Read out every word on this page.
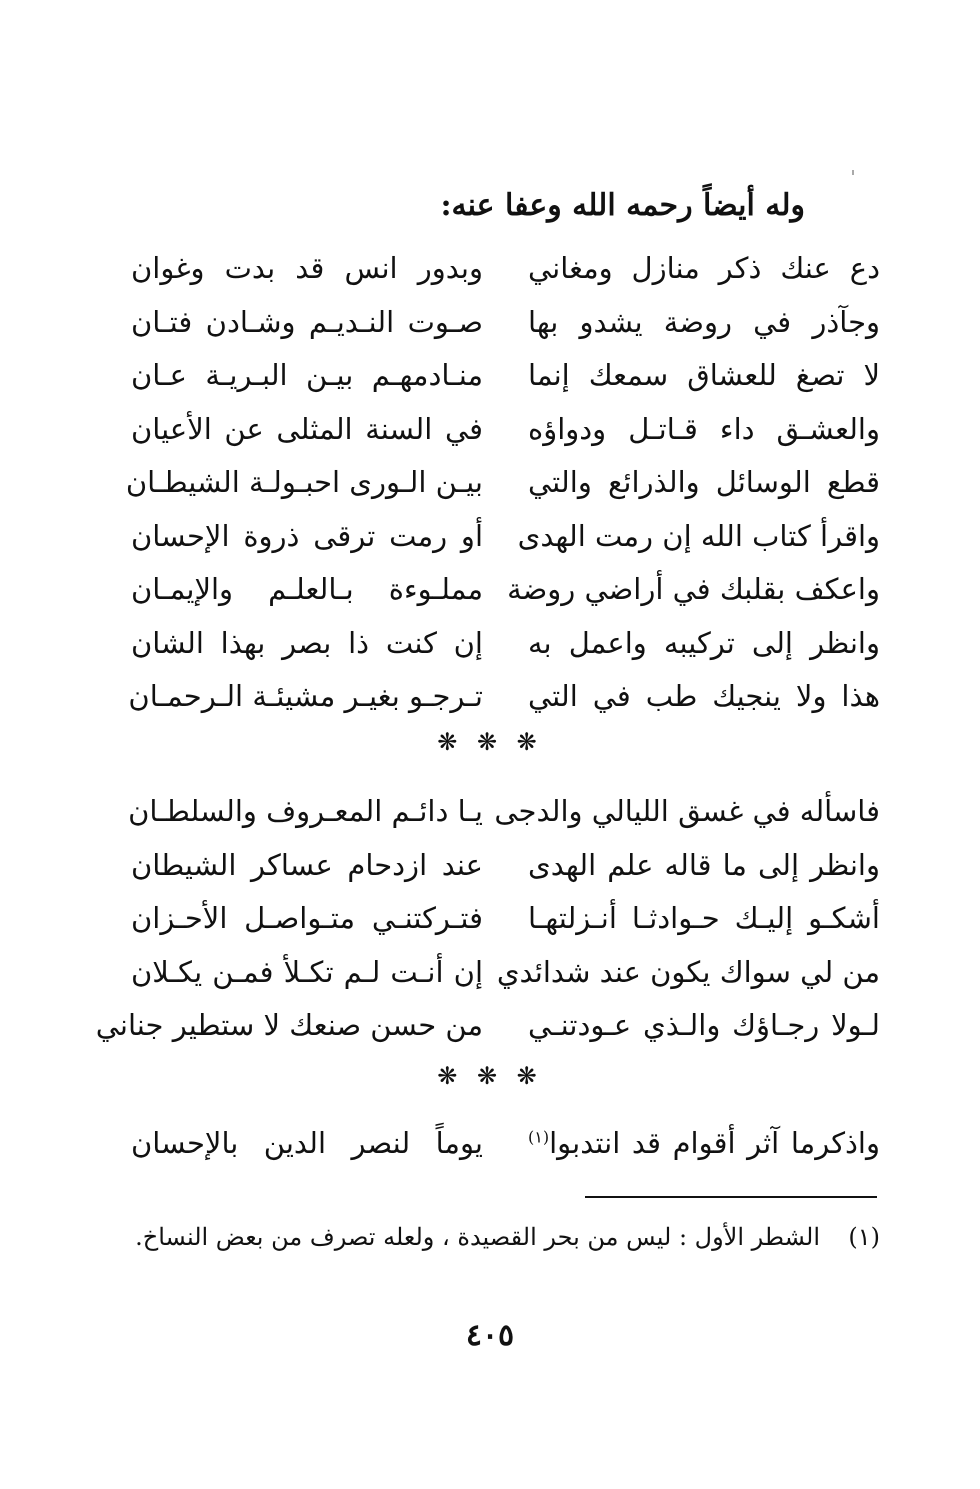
وله أيضاً رحمه الله وعفا عنه:
دع عنك ذكر منازل ومغاني
وبدور انس قد بدت وغوان
وجآذر في روضة يشدو بها
صـوت النـديـم وشـادن فتـان
لا تصغ للعشاق سمعك إنما
منـادمهـم بيـن البـريـة عـان
والعشـق داء قـاتـل ودواؤه
في السنة المثلى عن الأعيان
قطع الوسائل والذرائع والتي
بيـن الـورى احبـولـة الشيطـان
واقرأ كتاب الله إن رمت الهدى
أو رمت ترقى ذروة الإحسان
واعكف بقلبك في أراضي روضة
مملـوءة بـالعلـم والإيمـان
وانظر إلى تركيبه واعمل به
إن كنت ذا بصر بهذا الشان
هذا ولا ينجيك طب في التي
تـرجـو بغيـر مشيئـة الـرحمـان
❋ ❋ ❋
فاسأله في غسق الليالي والدجى
يـا دائـم المعـروف والسلطـان
وانظر إلى ما قاله علم الهدى
عند ازدحام عساكر الشيطان
أشكـو إليـك حـوادثـا أنـزلتهـا
فتـركتنـي متـواصـل الأحـزان
من لي سواك يكون عند شدائدي
إن أنـت لـم تكـلأ فمـن يكـلان
لـولا رجـاؤك والـذي عـودتنـي
من حسن صنعك لا ستطير جناني
❋ ❋ ❋
واذكرما آثر أقوام قد انتدبوا$^{(١)}$
يوماً لنصر الدين بالإحسان
(١)الشطر الأول : ليس من بحر القصيدة ، ولعله تصرف من بعض النساخ.
٤٠٥
